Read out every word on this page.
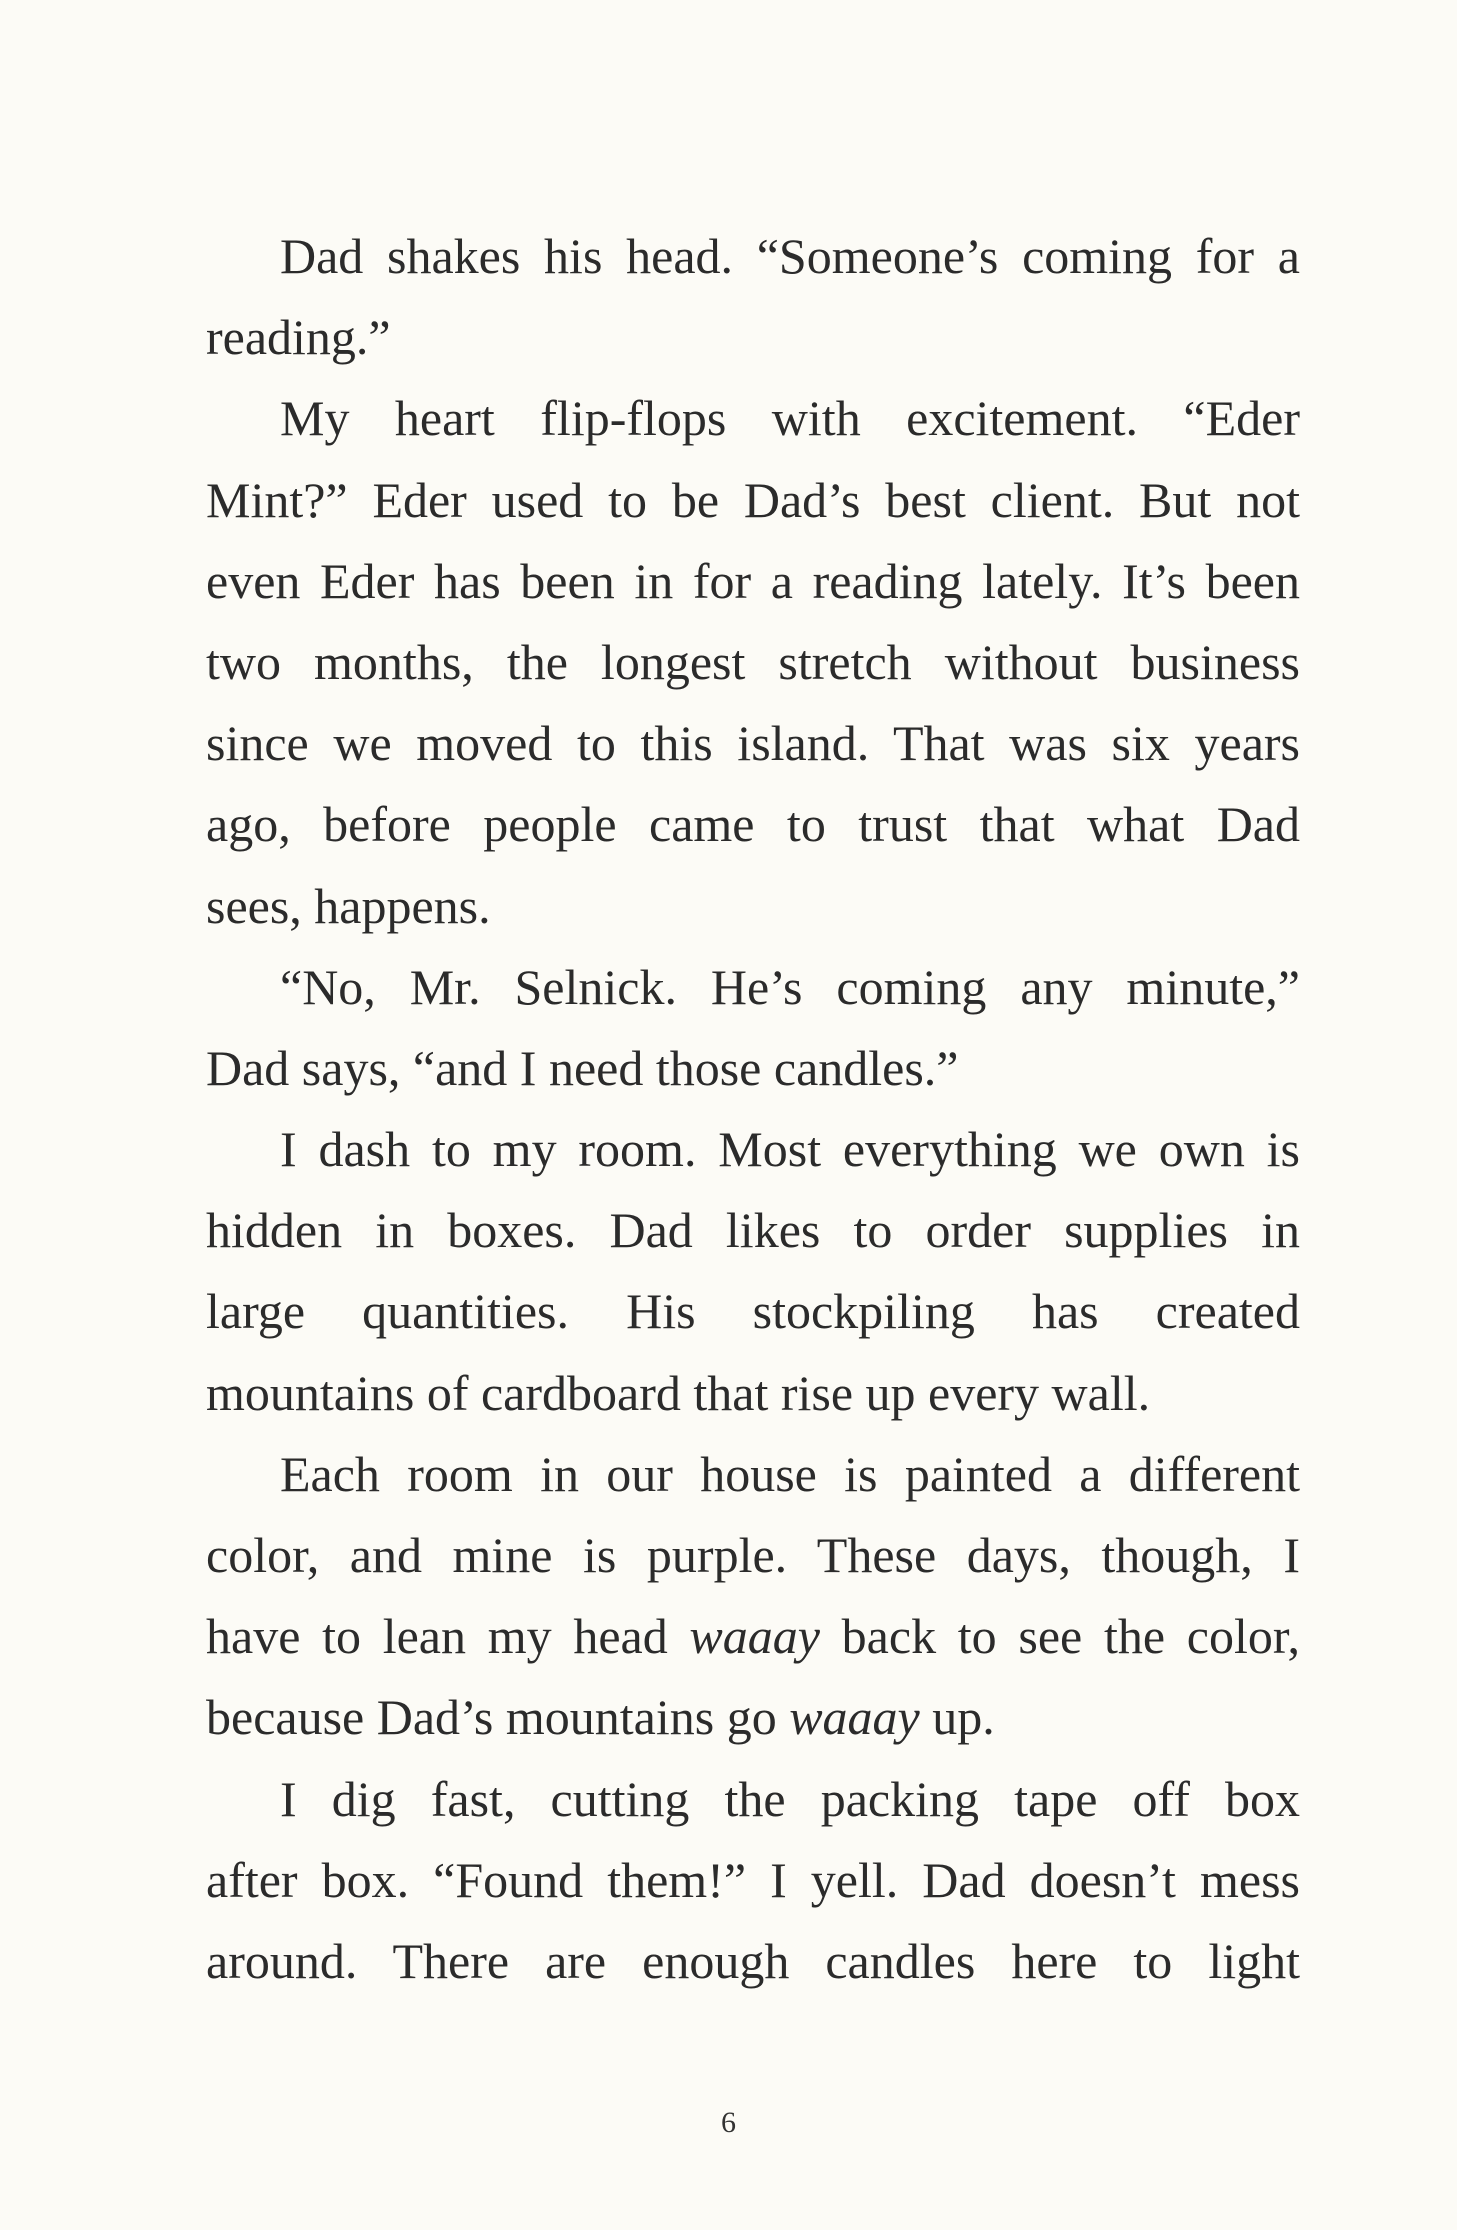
Dad shakes his head. “Someone’s coming for a
reading.”
My heart flip-flops with excitement. “Eder
Mint?” Eder used to be Dad’s best client. But not
even Eder has been in for a reading lately. It’s been
two months, the longest stretch without business
since we moved to this island. That was six years
ago, before people came to trust that what Dad
sees, happens.
“No, Mr. Selnick. He’s coming any minute,”
Dad says, “and I need those candles.”
I dash to my room. Most everything we own is
hidden in boxes. Dad likes to order supplies in
large quantities. His stockpiling has created
mountains of cardboard that rise up every wall.
Each room in our house is painted a different
color, and mine is purple. These days, though, I
have to lean my head waaay back to see the color,
because Dad’s mountains go waaay up.
I dig fast, cutting the packing tape off box
after box. “Found them!” I yell. Dad doesn’t mess
around. There are enough candles here to light
6
